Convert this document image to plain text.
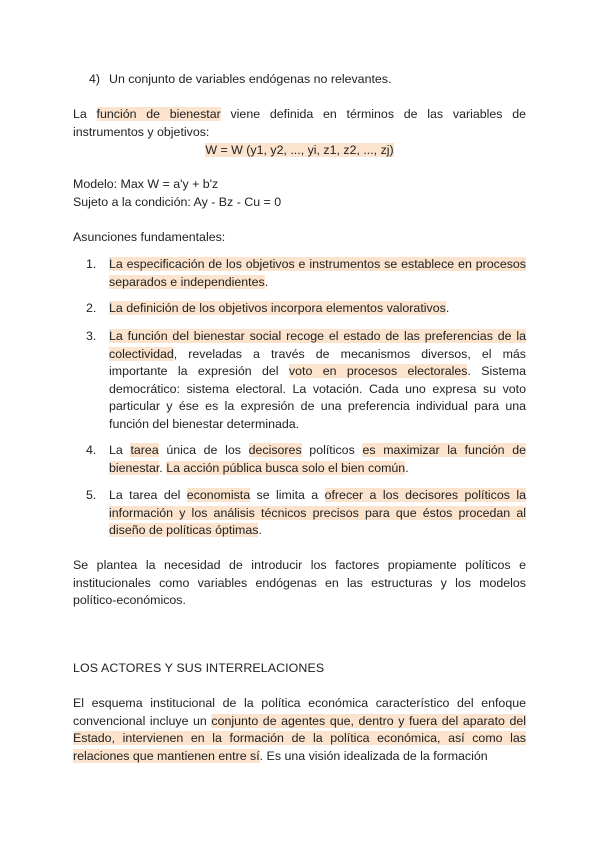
4) Un conjunto de variables endógenas no relevantes.
La función de bienestar viene definida en términos de las variables de instrumentos y objetivos:
W = W (y1, y2, ..., yi, z1, z2, ..., zj)
Modelo: Max W = a'y + b'z
Sujeto a la condición: Ay - Bz - Cu = 0
Asunciones fundamentales:
1. La especificación de los objetivos e instrumentos se establece en procesos separados e independientes.
2. La definición de los objetivos incorpora elementos valorativos.
3. La función del bienestar social recoge el estado de las preferencias de la colectividad, reveladas a través de mecanismos diversos, el más importante la expresión del voto en procesos electorales. Sistema democrático: sistema electoral. La votación. Cada uno expresa su voto particular y ése es la expresión de una preferencia individual para una función del bienestar determinada.
4. La tarea única de los decisores políticos es maximizar la función de bienestar. La acción pública busca solo el bien común.
5. La tarea del economista se limita a ofrecer a los decisores políticos la información y los análisis técnicos precisos para que éstos procedan al diseño de políticas óptimas.
Se plantea la necesidad de introducir los factores propiamente políticos e institucionales como variables endógenas en las estructuras y los modelos político-económicos.
LOS ACTORES Y SUS INTERRELACIONES
El esquema institucional de la política económica característico del enfoque convencional incluye un conjunto de agentes que, dentro y fuera del aparato del Estado, intervienen en la formación de la política económica, así como las relaciones que mantienen entre sí. Es una visión idealizada de la formación
